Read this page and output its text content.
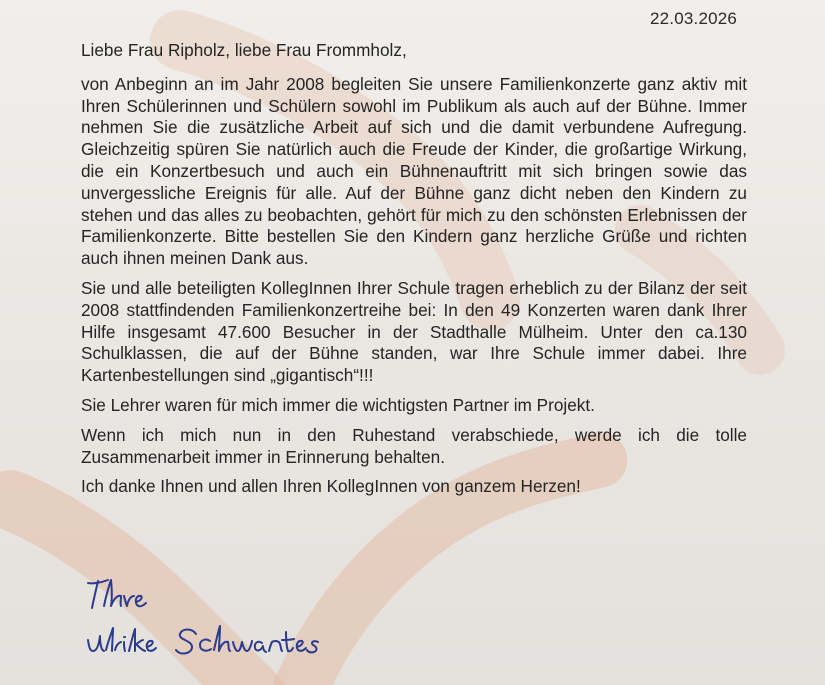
22.03.2026

Liebe Frau Ripholz, liebe Frau Frommholz,

von Anbeginn an im Jahr 2008 begleiten Sie unsere Familienkonzerte ganz aktiv mit Ihren Schülerinnen und Schülern sowohl im Publikum als auch auf der Bühne. Immer nehmen Sie die zusätzliche Arbeit auf sich und die damit verbundene Aufregung. Gleichzeitig spüren Sie natürlich auch die Freude der Kinder, die großartige Wirkung, die ein Konzertbesuch und auch ein Bühnenauftritt mit sich bringen sowie das unvergessliche Ereignis für alle. Auf der Bühne ganz dicht neben den Kindern zu stehen und das alles zu beobachten, gehört für mich zu den schönsten Erlebnissen der Familienkonzerte. Bitte bestellen Sie den Kindern ganz herzliche Grüße und richten auch ihnen meinen Dank aus.

Sie und alle beteiligten KollegInnen Ihrer Schule tragen erheblich zu der Bilanz der seit 2008 stattfindenden Familienkonzertreihe bei: In den 49 Konzerten waren dank Ihrer Hilfe insgesamt 47.600 Besucher in der Stadthalle Mülheim. Unter den ca.130 Schulklassen, die auf der Bühne standen, war Ihre Schule immer dabei. Ihre Kartenbestellungen sind „gigantisch“!!!

Sie Lehrer waren für mich immer die wichtigsten Partner im Projekt.

Wenn ich mich nun in den Ruhestand verabschiede, werde ich die tolle Zusammenarbeit immer in Erinnerung behalten.

Ich danke Ihnen und allen Ihren KollegInnen von ganzem Herzen!
